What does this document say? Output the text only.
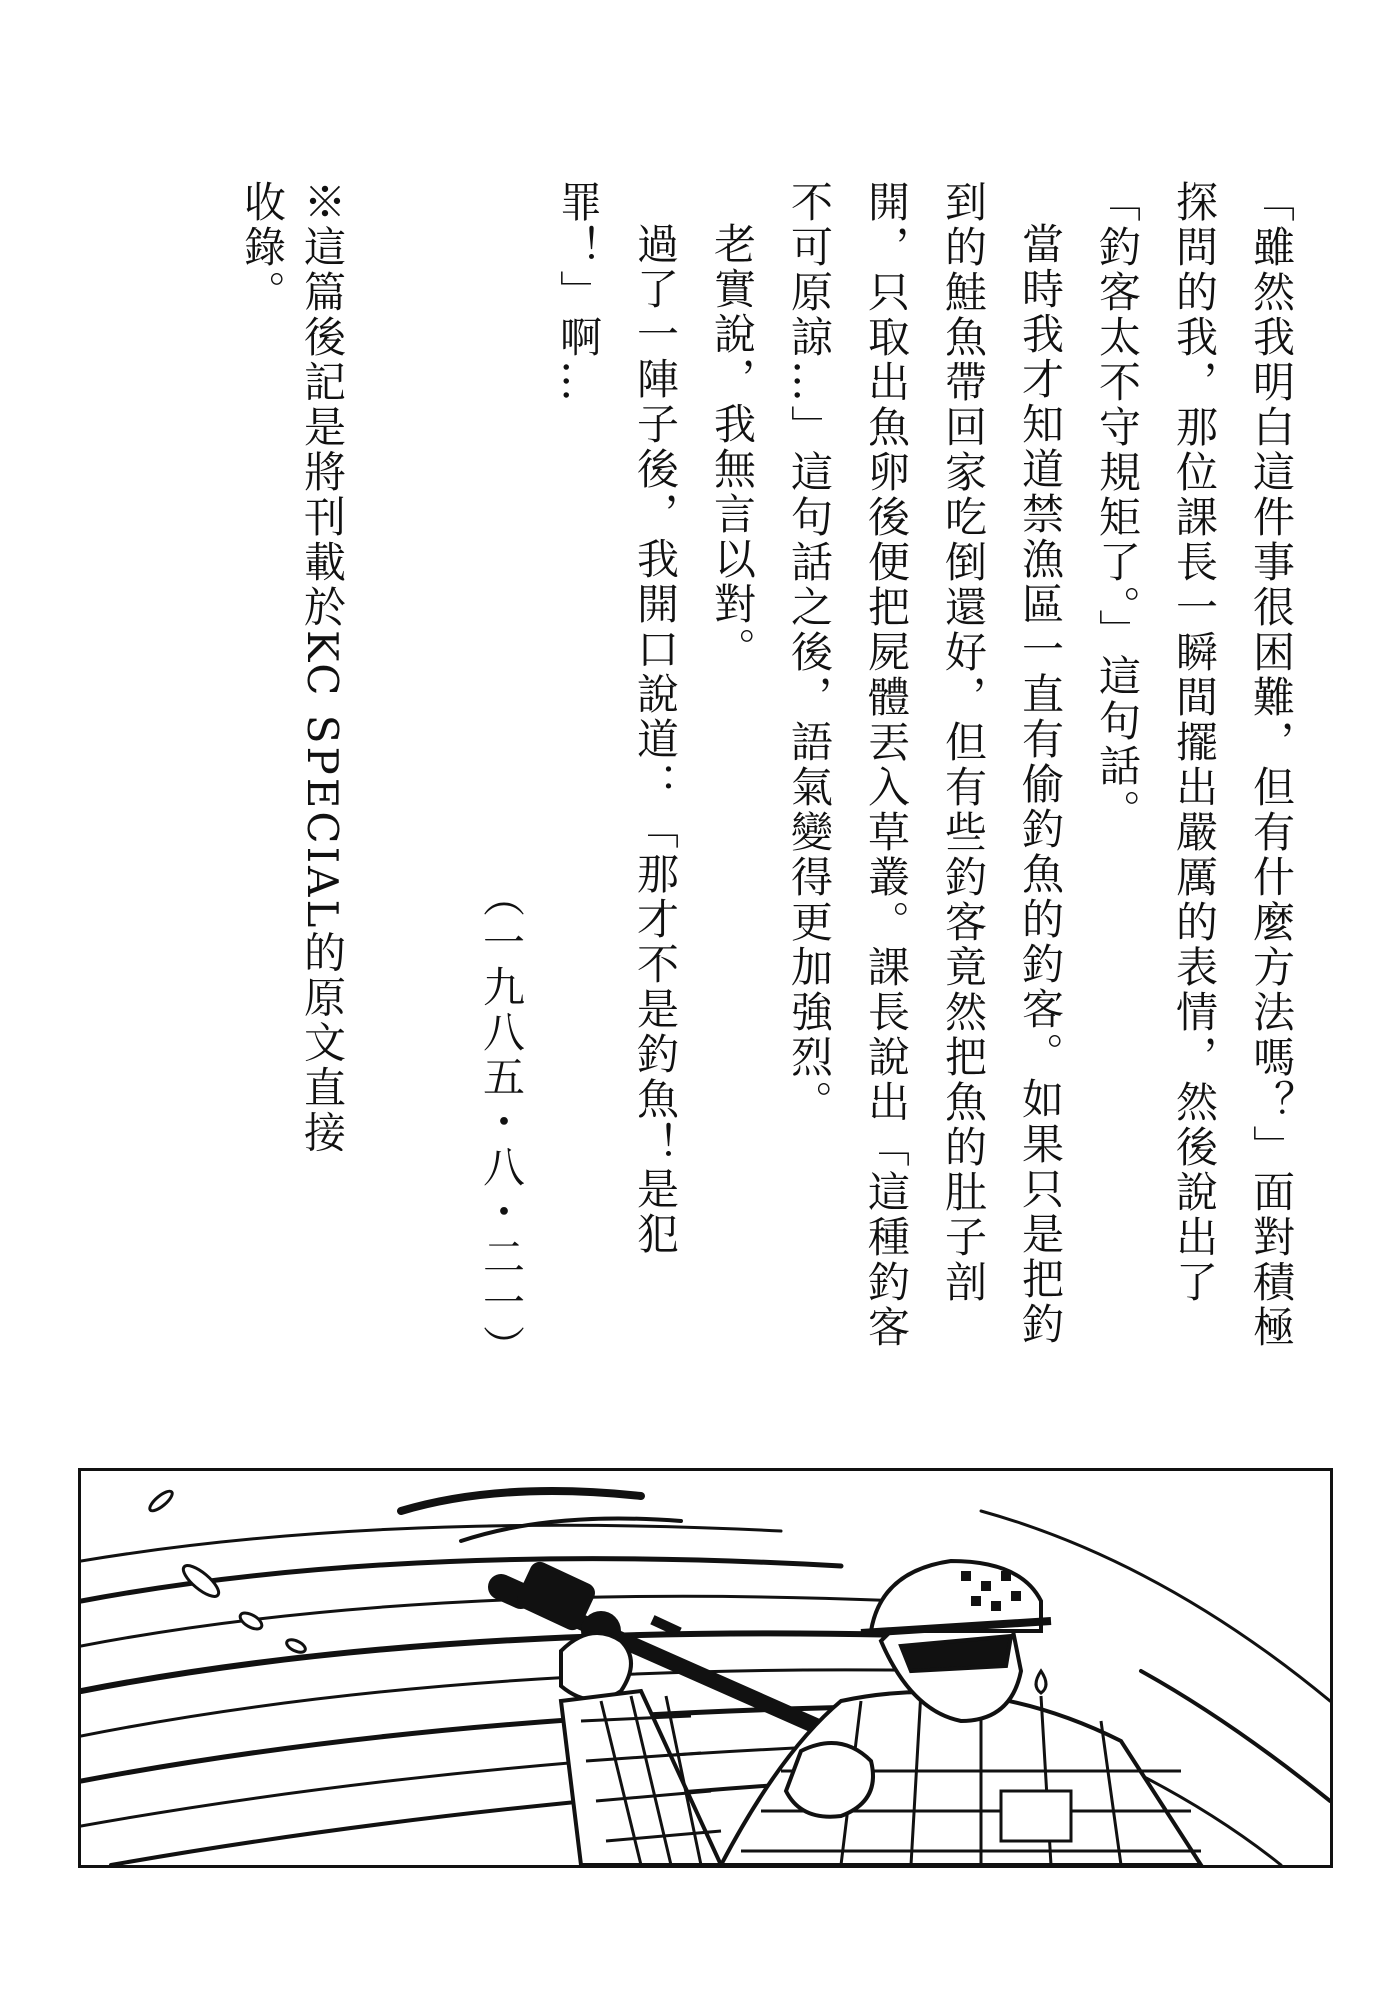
「雖然我明白這件事很困難，但有什麼方法嗎？」面對積極探問的我，那位課長一瞬間擺出嚴厲的表情，然後說出了「釣客太不守規矩了。」這句話。

當時我才知道禁漁區一直有偷釣魚的釣客。如果只是把釣到的鮭魚帶回家吃倒還好，但有些釣客竟然把魚的肚子剖開，只取出魚卵後便把屍體丟入草叢。課長說出「這種釣客不可原諒…」這句話之後，語氣變得更加強烈。

老實說，我無言以對。

過了一陣子後，我開口說道：「那才不是釣魚！是犯罪！」啊…

（一九八五・八・二一）

※這篇後記是將刊載於KC SPECIAL的原文直接收錄。
